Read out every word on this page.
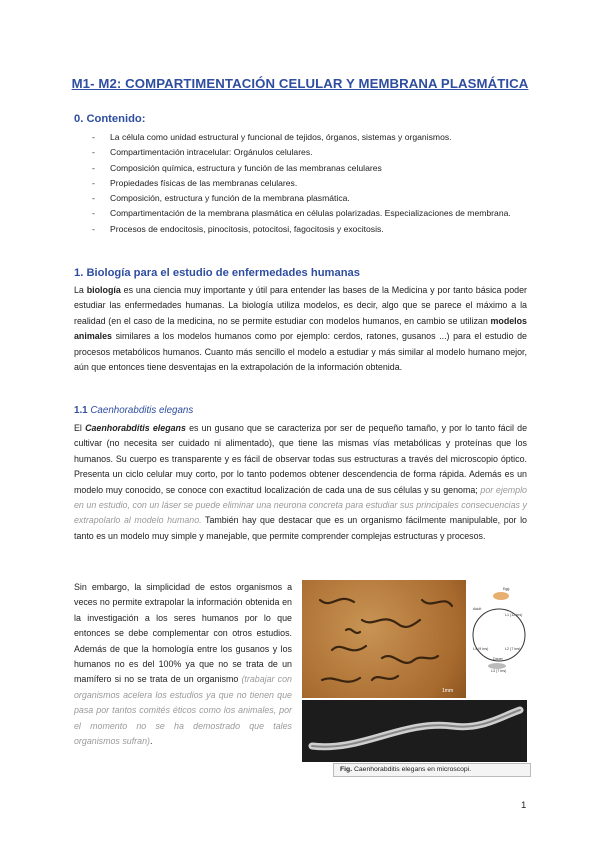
M1- M2: COMPARTIMENTACIÓN CELULAR Y MEMBRANA PLASMÁTICA
0. Contenido:
- La célula como unidad estructural y funcional de tejidos, órganos, sistemas y organismos.
- Compartimentación intracelular: Orgánulos celulares.
- Composición química, estructura y función de las membranas celulares
- Propiedades físicas de las membranas celulares.
- Composición, estructura y función de la membrana plasmática.
- Compartimentación de la membrana plasmática en células polarizadas. Especializaciones de membrana.
- Procesos de endocitosis, pinocitosis, potocitosi, fagocitosis y exocitosis.
1. Biología para el estudio de enfermedades humanas

La biología es una ciencia muy importante y útil para entender las bases de la Medicina y por tanto básica poder estudiar las enfermedades humanas. La biología utiliza modelos, es decir, algo que se parece el máximo a la realidad (en el caso de la medicina, no se permite estudiar con modelos humanos, en cambio se utilizan modelos animales similares a los modelos humanos como por ejemplo: cerdos, ratones, gusanos ...) para el estudio de procesos metabólicos humanos. Cuanto más sencillo el modelo a estudiar y más similar al modelo humano mejor, aún que entonces tiene desventajas en la extrapolación de la información obtenida.

1.1 Caenhorabditis elegans

El Caenhorabditis elegans es un gusano que se caracteriza por ser de pequeño tamaño, y por lo tanto fácil de cultivar (no necesita ser cuidado ni alimentado), que tiene las mismas vías metabólicas y proteínas que los humanos. Su cuerpo es transparente y es fácil de observar todas sus estructuras a través del microscopio óptico. Presenta un ciclo celular muy corto, por lo tanto podemos obtener descendencia de forma rápida. Además es un modelo muy conocido, se conoce con exactitud localización de cada una de sus células y su genoma; por ejemplo en un estudio, con un láser se puede eliminar una neurona concreta para estudiar sus principales consecuencias y extrapolarlo al modelo humano. También hay que destacar que es un organismo fácilmente manipulable, por lo tanto es un modelo muy simple y manejable, que permite comprender complejas estructuras y procesos.

Sin embargo, la simplicidad de estos organismos a veces no permite extrapolar la información obtenida en la investigación a los seres humanos por lo que entonces se debe complementar con otros estudios. Además de que la homología entre los gusanos y los humanos no es del 100% ya que no se trata de un mamífero si no se trata de un organismo (trabajar con organismos acelera los estudios ya que no tienen que pasa por tantos comités éticos como los animales, por el momento no se ha demostrado que tales organismos sufran).

1mm
Egg
Adult
L1 (12 hrs)
L2 (7 hrs)
L3 (7 hrs)
L4 (9 hrs)
Dauer
Fig. Caenhorabditis elegans en microscopi.
1
